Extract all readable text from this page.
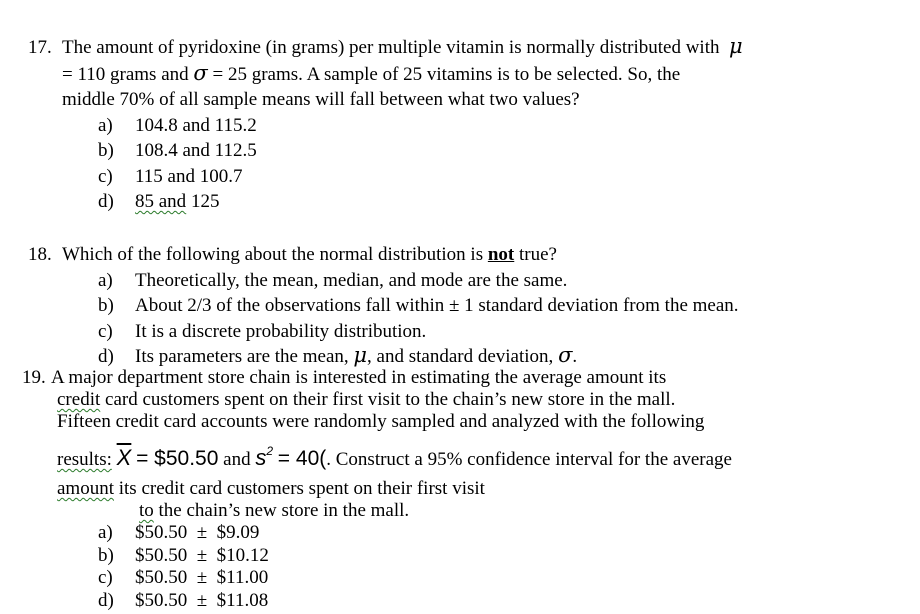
17. The amount of pyridoxine (in grams) per multiple vitamin is normally distributed with μ
= 110 grams and σ = 25 grams. A sample of 25 vitamins is to be selected. So, the
middle 70% of all sample means will fall between what two values?
a) 104.8 and 115.2
b) 108.4 and 112.5
c) 115 and 100.7
d) 85 and 125
18. Which of the following about the normal distribution is not true?
a) Theoretically, the mean, median, and mode are the same.
b) About 2/3 of the observations fall within ± 1 standard deviation from the mean.
c) It is a discrete probability distribution.
d) Its parameters are the mean, μ, and standard deviation, σ.
19. A major department store chain is interested in estimating the average amount its
credit card customers spent on their first visit to the chain’s new store in the mall.
Fifteen credit card accounts were randomly sampled and analyzed with the following
results: $\overline{X}$ = $50.50 and $s^2 = 40$(. Construct a 95% confidence interval for the average
amount its credit card customers spent on their first visit
to the chain’s new store in the mall.
a) $50.50  ±  $9.09
b) $50.50  ±  $10.12
c) $50.50  ±  $11.00
d) $50.50  ±  $11.08
